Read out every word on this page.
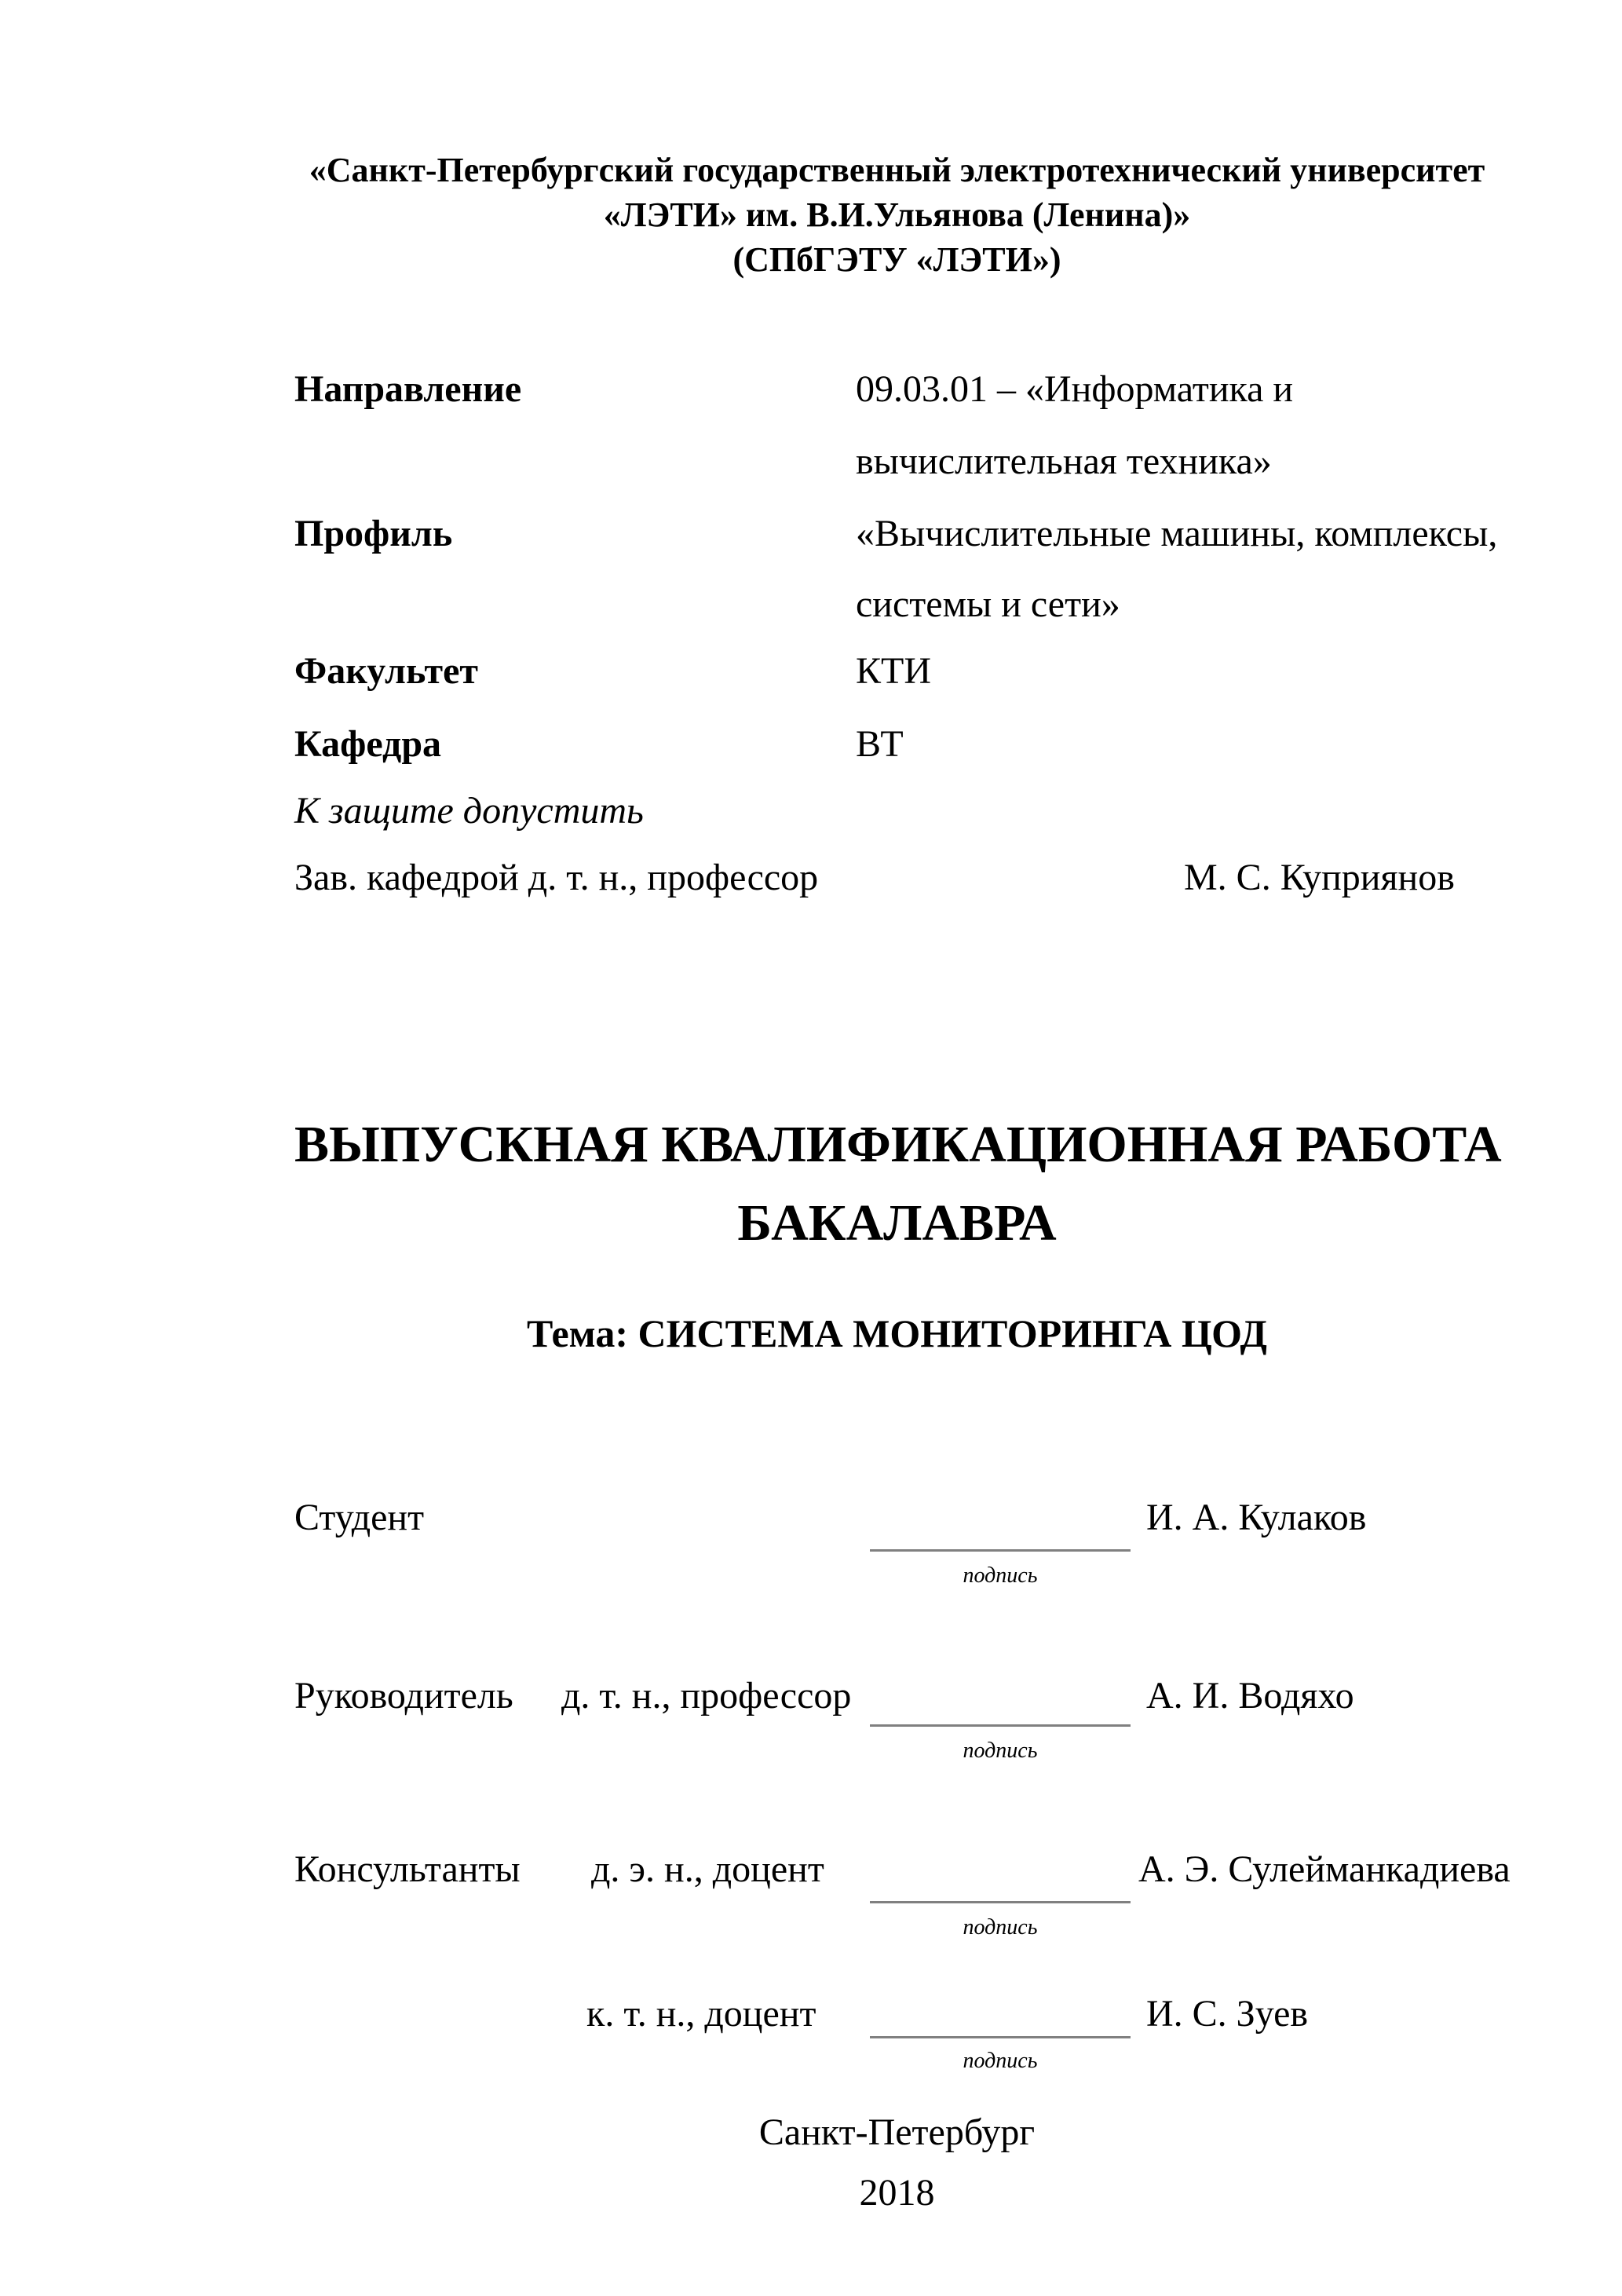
«Санкт-Петербургский государственный электротехнический университет
«ЛЭТИ» им. В.И.Ульянова (Ленина)»
(СПбГЭТУ «ЛЭТИ»)
Направление	09.03.01 – «Информатика и
вычислительная техника»
Профиль	«Вычислительные машины, комплексы,
системы и сети»
Факультет	КТИ
Кафедра	ВТ
К защите допустить
Зав. кафедрой д. т. н., профессор	М. С. Куприянов
ВЫПУСКНАЯ КВАЛИФИКАЦИОННАЯ РАБОТА
БАКАЛАВРА
Тема: СИСТЕМА МОНИТОРИНГА ЦОД
Студент	И. А. Кулаков
подпись
Руководитель д. т. н., профессор	А. И. Водяхо
подпись
Консультанты д. э. н., доцент	А. Э. Сулейманкадиева
подпись
к. т. н., доцент	И. С. Зуев
подпись
Санкт-Петербург
2018
